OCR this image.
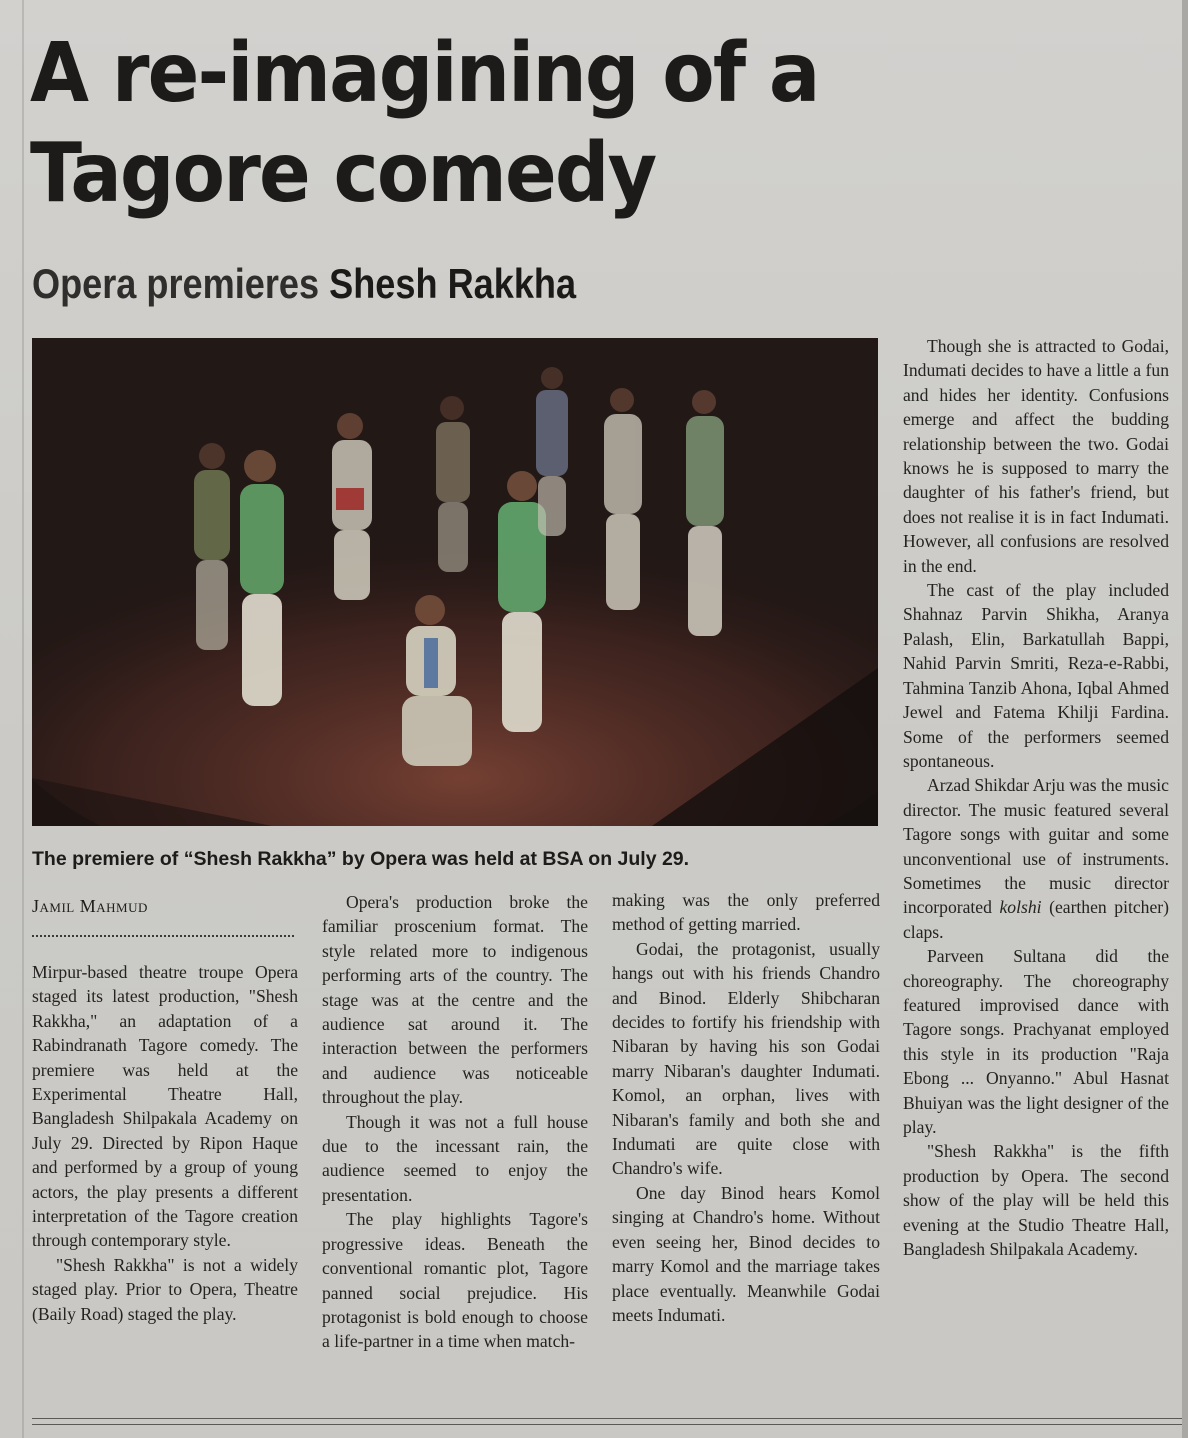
A re-imagining of a Tagore comedy
Opera premieres Shesh Rakkha

The premiere of “Shesh Rakkha” by Opera was held at BSA on July 29.

Jamil Mahmud

Mirpur-based theatre troupe Opera staged its latest production, "Shesh Rakkha," an adaptation of a Rabindranath Tagore comedy. The premiere was held at the Experimental Theatre Hall, Bangladesh Shilpakala Academy on July 29. Directed by Ripon Haque and performed by a group of young actors, the play presents a different interpretation of the Tagore creation through contemporary style.

"Shesh Rakkha" is not a widely staged play. Prior to Opera, Theatre (Baily Road) staged the play.

Opera's production broke the familiar proscenium format. The style related more to indigenous performing arts of the country. The stage was at the centre and the audience sat around it. The interaction between the performers and audience was noticeable throughout the play.

Though it was not a full house due to the incessant rain, the audience seemed to enjoy the presentation.

The play highlights Tagore's progressive ideas. Beneath the conventional romantic plot, Tagore panned social prejudice. His protagonist is bold enough to choose a life-partner in a time when match-

making was the only preferred method of getting married.

Godai, the protagonist, usually hangs out with his friends Chandro and Binod. Elderly Shibcharan decides to fortify his friendship with Nibaran by having his son Godai marry Nibaran's daughter Indumati. Komol, an orphan, lives with Nibaran's family and both she and Indumati are quite close with Chandro's wife.

One day Binod hears Komol singing at Chandro's home. Without even seeing her, Binod decides to marry Komol and the marriage takes place eventually. Meanwhile Godai meets Indumati.

Though she is attracted to Godai, Indumati decides to have a little a fun and hides her identity. Confusions emerge and affect the budding relationship between the two. Godai knows he is supposed to marry the daughter of his father's friend, but does not realise it is in fact Indumati. However, all confusions are resolved in the end.

The cast of the play included Shahnaz Parvin Shikha, Aranya Palash, Elin, Barkatullah Bappi, Nahid Parvin Smriti, Reza-e-Rabbi, Tahmina Tanzib Ahona, Iqbal Ahmed Jewel and Fatema Khilji Fardina. Some of the performers seemed spontaneous.

Arzad Shikdar Arju was the music director. The music featured several Tagore songs with guitar and some unconventional use of instruments. Sometimes the music director incorporated kolshi (earthen pitcher) claps.

Parveen Sultana did the choreography. The choreography featured improvised dance with Tagore songs. Prachyanat employed this style in its production "Raja Ebong ... Onyanno." Abul Hasnat Bhuiyan was the light designer of the play.

"Shesh Rakkha" is the fifth production by Opera. The second show of the play will be held this evening at the Studio Theatre Hall, Bangladesh Shilpakala Academy.
